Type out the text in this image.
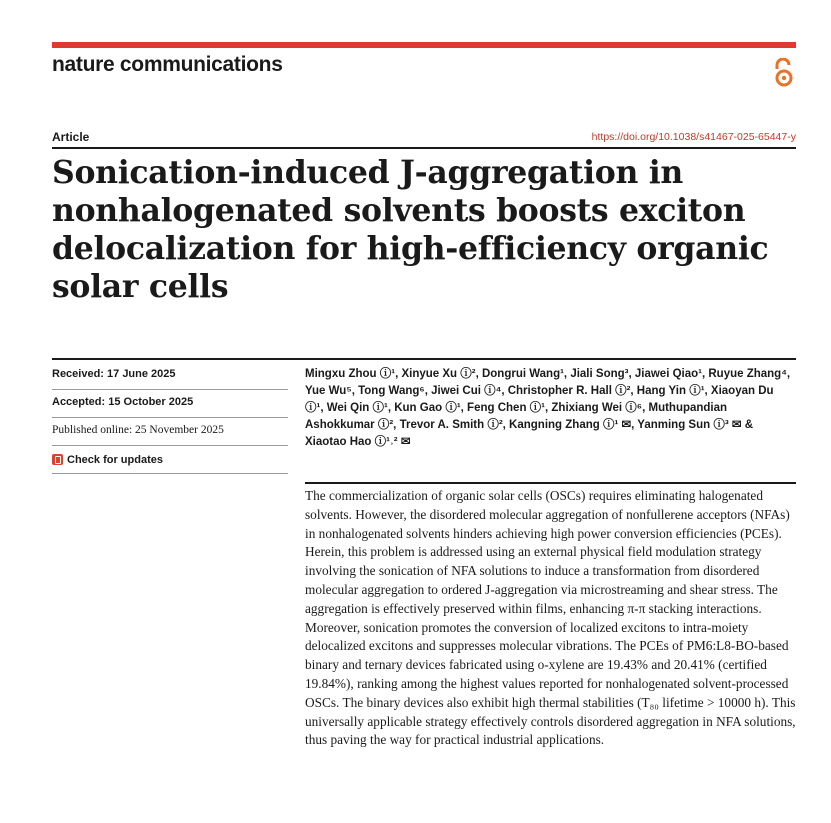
nature communications
Article	https://doi.org/10.1038/s41467-025-65447-y
Sonication-induced J-aggregation in nonhalogenated solvents boosts exciton delocalization for high-efficiency organic solar cells
Received: 17 June 2025
Accepted: 15 October 2025
Published online: 25 November 2025
Check for updates
Mingxu Zhou ⓘ¹, Xinyue Xu ⓘ², Dongrui Wang¹, Jiali Song³, Jiawei Qiao¹, Ruyue Zhang⁴, Yue Wu⁵, Tong Wang⁶, Jiwei Cui ⓘ⁴, Christopher R. Hall ⓘ², Hang Yin ⓘ¹, Xiaoyan Du ⓘ¹, Wei Qin ⓘ¹, Kun Gao ⓘ¹, Feng Chen ⓘ¹, Zhixiang Wei ⓘ⁶, Muthupandian Ashokkumar ⓘ², Trevor A. Smith ⓘ², Kangning Zhang ⓘ¹ ✉, Yanming Sun ⓘ³ ✉ & Xiaotao Hao ⓘ¹˒² ✉

The commercialization of organic solar cells (OSCs) requires eliminating halogenated solvents. However, the disordered molecular aggregation of nonfullerene acceptors (NFAs) in nonhalogenated solvents hinders achieving high power conversion efficiencies (PCEs). Herein, this problem is addressed using an external physical field modulation strategy involving the sonication of NFA solutions to induce a transformation from disordered molecular aggregation to ordered J-aggregation via microstreaming and shear stress. The aggregation is effectively preserved within films, enhancing π-π stacking interactions. Moreover, sonication promotes the conversion of localized excitons to intra-moiety delocalized excitons and suppresses molecular vibrations. The PCEs of PM6:L8-BO-based binary and ternary devices fabricated using o-xylene are 19.43% and 20.41% (certified 19.84%), ranking among the highest values reported for nonhalogenated solvent-processed OSCs. The binary devices also exhibit high thermal stabilities (T₈₀ lifetime > 10000 h). This universally applicable strategy effectively controls disordered aggregation in NFA solutions, thus paving the way for practical industrial applications.
